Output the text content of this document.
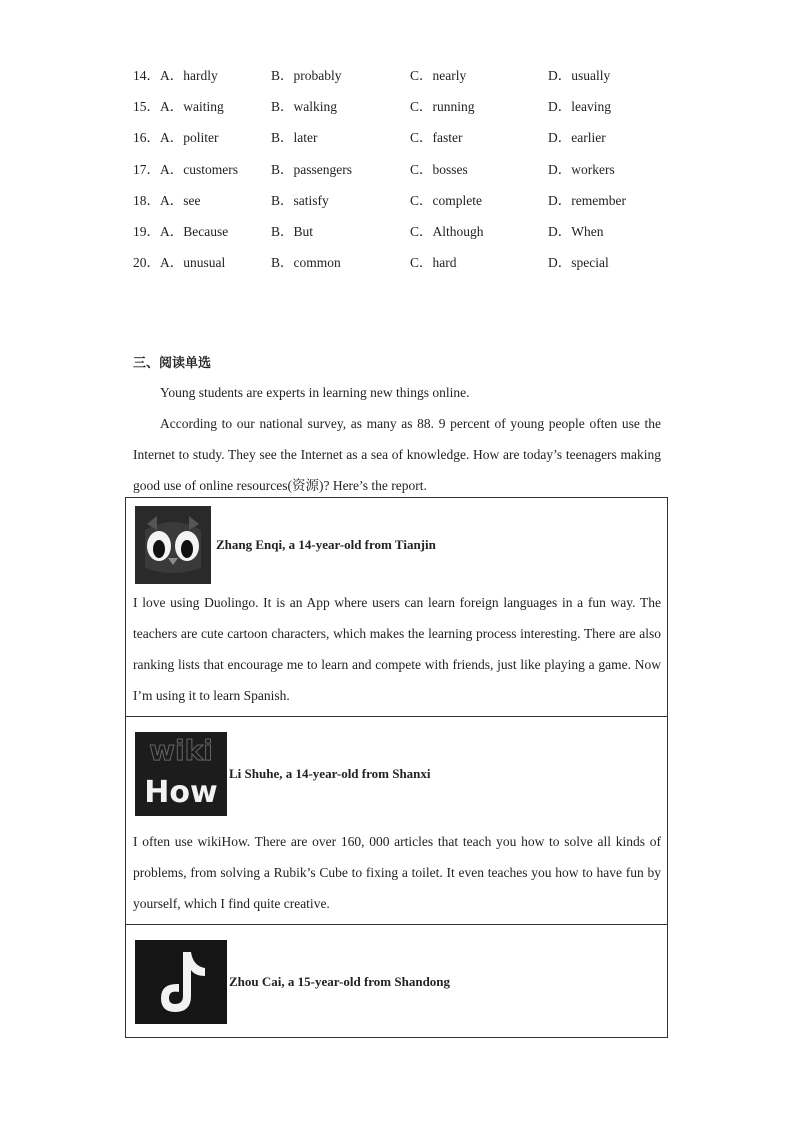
14．A．hardly	B．probably	C．nearly	D．usually
15．A．waiting	B．walking	C．running	D．leaving
16．A．politer	B．later	C．faster	D．earlier
17．A．customers B．passengers	C．bosses	D．workers
18．A．see	B．satisfy	C．complete	D．remember
19．A．Because	B．But	C．Although	D．When
20．A．unusual	B．common	C．hard	D．special
三、阅读单选
Young students are experts in learning new things online.
According to our national survey, as many as 88. 9 percent of young people often use the Internet to study. They see the Internet as a sea of knowledge. How are today’s teenagers making good use of online resources(资源)? Here’s the report.
Zhang Enqi, a 14-year-old from Tianjin
I love using Duolingo. It is an App where users can learn foreign languages in a fun way. The teachers are cute cartoon characters, which makes the learning process interesting. There are also ranking lists that encourage me to learn and compete with friends, just like playing a game. Now I’m using it to learn Spanish.
wiki
How
Li Shuhe, a 14-year-old from Shanxi
I often use wikiHow. There are over 160, 000 articles that teach you how to solve all kinds of problems, from solving a Rubik’s Cube to fixing a toilet. It even teaches you how to have fun by yourself, which I find quite creative.
Zhou Cai, a 15-year-old from Shandong
